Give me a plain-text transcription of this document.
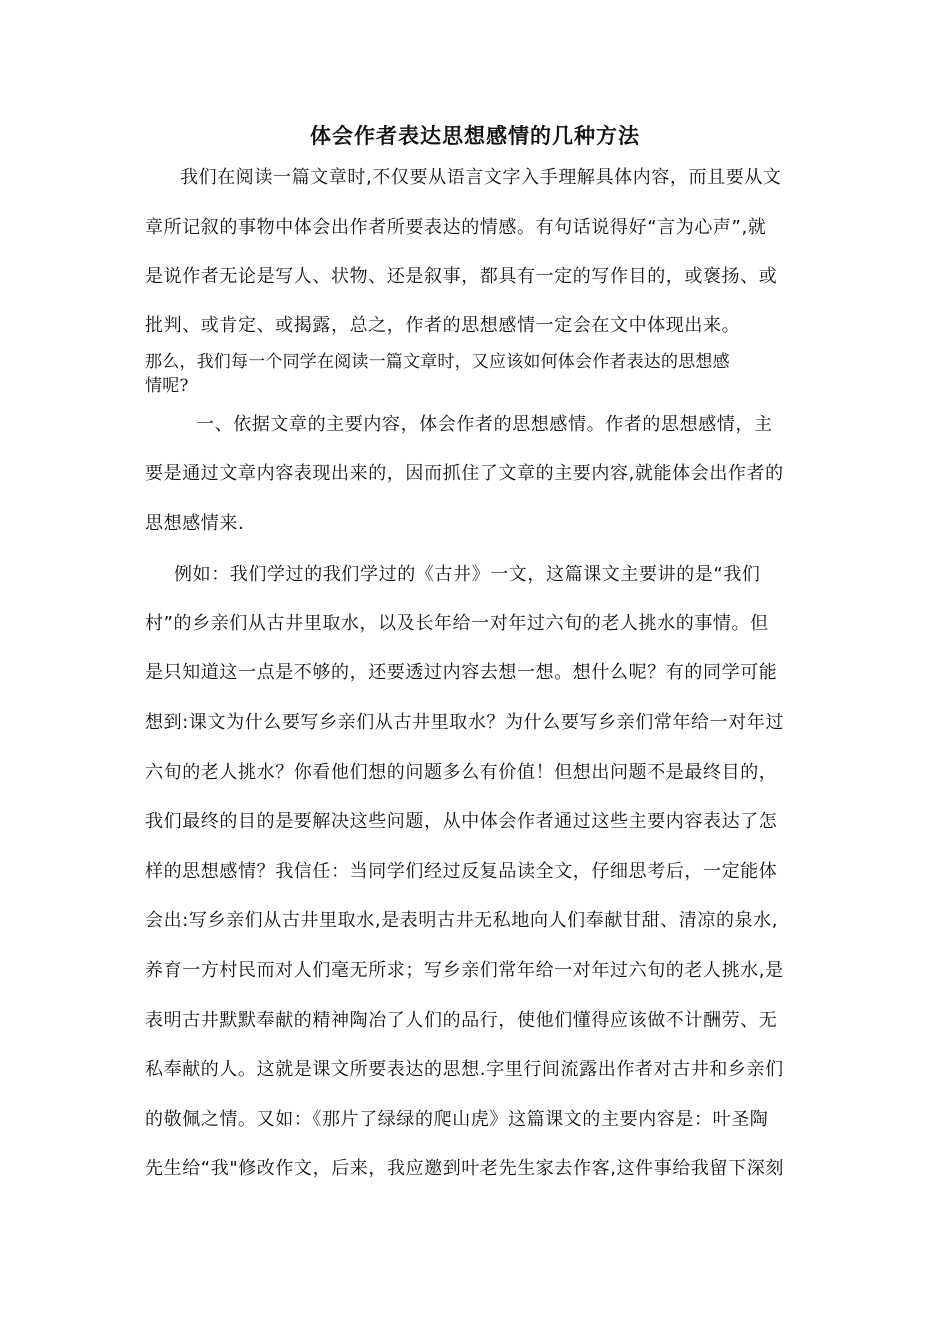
体会作者表达思想感情的几种方法
我们在阅读一篇文章时,不仅要从语言文字入手理解具体内容，而且要从文
章所记叙的事物中体会出作者所要表达的情感。有句话说得好“言为心声”,就
是说作者无论是写人、状物、还是叙事，都具有一定的写作目的，或褒扬、或
批判、或肯定、或揭露，总之，作者的思想感情一定会在文中体现出来。
那么，我们每一个同学在阅读一篇文章时，又应该如何体会作者表达的思想感
情呢?
一、依据文章的主要内容，体会作者的思想感情。作者的思想感情，主
要是通过文章内容表现出来的，因而抓住了文章的主要内容,就能体会出作者的
思想感情来.
例如：我们学过的我们学过的《古井》一文，这篇课文主要讲的是“我们
村”的乡亲们从古井里取水，以及长年给一对年过六旬的老人挑水的事情。但
是只知道这一点是不够的，还要透过内容去想一想。想什么呢？有的同学可能
想到:课文为什么要写乡亲们从古井里取水？为什么要写乡亲们常年给一对年过
六旬的老人挑水？你看他们想的问题多么有价值！但想出问题不是最终目的，
我们最终的目的是要解决这些问题，从中体会作者通过这些主要内容表达了怎
样的思想感情？我信任：当同学们经过反复品读全文，仔细思考后，一定能体
会出:写乡亲们从古井里取水,是表明古井无私地向人们奉献甘甜、清凉的泉水,
养育一方村民而对人们毫无所求；写乡亲们常年给一对年过六旬的老人挑水,是
表明古井默默奉献的精神陶冶了人们的品行，使他们懂得应该做不计酬劳、无
私奉献的人。这就是课文所要表达的思想.字里行间流露出作者对古井和乡亲们
的敬佩之情。又如：《那片了绿绿的爬山虎》这篇课文的主要内容是：叶圣陶
先生给“我"修改作文，后来，我应邀到叶老先生家去作客,这件事给我留下深刻
